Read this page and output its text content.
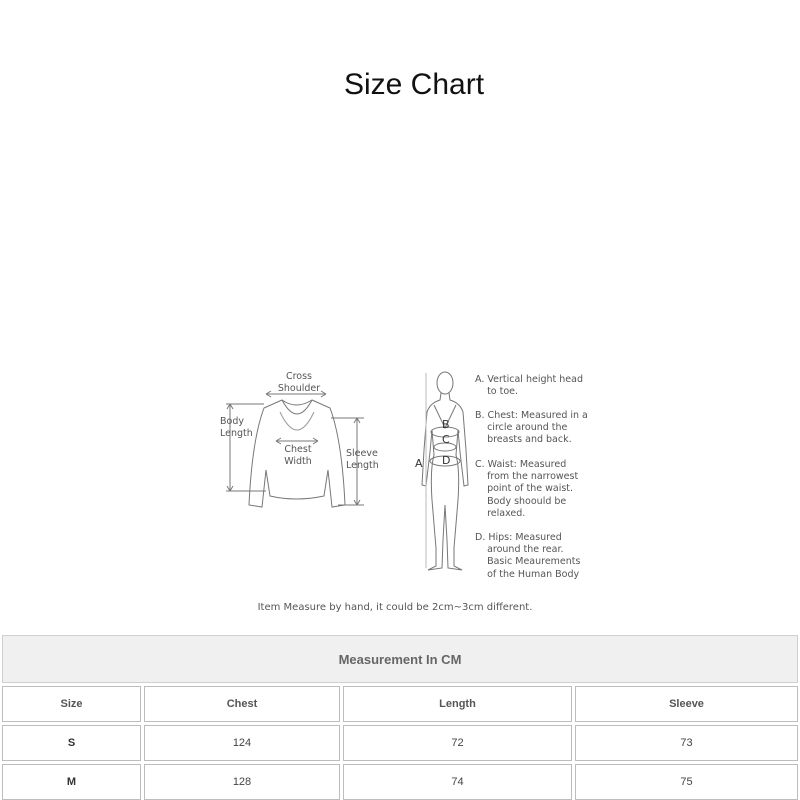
Size Chart
Cross
Shoulder
Body
Length
Chest
Width
Sleeve
Length	A
B
C
D
A. Vertical height head
to toe.
B. Chest: Measured in a
circle around the
breasts and back.
C. Waist: Measured
from the narrowest
point of the waist.
Body shoould be
relaxed.
D. Hips: Measured
around the rear.
Basic Meaurements
of the Human Body
Item Measure by hand, it could be 2cm~3cm different.
Measurement In CM
Size	Chest	Length	Sleeve
S	124	72	73
M	128	74	75
